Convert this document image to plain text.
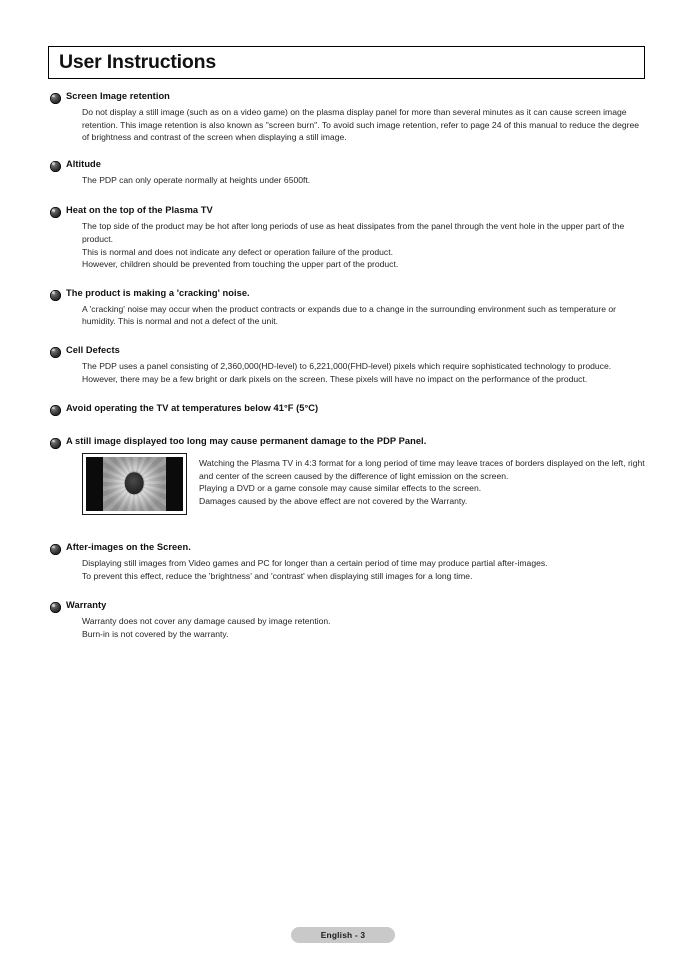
User Instructions
Screen Image retention

Do not display a still image (such as on a video game) on the plasma display panel for more than several minutes as it can cause screen image retention. This image retention is also known as "screen burn". To avoid such image retention, refer to page 24 of this manual to reduce the degree of brightness and contrast of the screen when displaying a still image.

Altitude

The PDP can only operate normally at heights under 6500ft.

Heat on the top of the Plasma TV

The top side of the product may be hot after long periods of use as heat dissipates from the panel through the vent hole in the upper part of the product.

This is normal and does not indicate any defect or operation failure of the product.

However, children should be prevented from touching the upper part of the product.

The product is making a 'cracking' noise.

A 'cracking' noise may occur when the product contracts or expands due to a change in the surrounding environment such as temperature or humidity. This is normal and not a defect of the unit.

Cell Defects

The PDP uses a panel consisting of 2,360,000(HD-level) to 6,221,000(FHD-level) pixels which require sophisticated technology to produce. However, there may be a few bright or dark pixels on the screen. These pixels will have no impact on the performance of the product.

Avoid operating the TV at temperatures below 41°F (5°C)
A still image displayed too long may cause permanent damage to the PDP Panel.

Watching the Plasma TV in 4:3 format for a long period of time may leave traces of borders displayed on the left, right and center of the screen caused by the difference of light emission on the screen.

Playing a DVD or a game console may cause similar effects to the screen.

Damages caused by the above effect are not covered by the Warranty.

After-images on the Screen.

Displaying still images from Video games and PC for longer than a certain period of time may produce partial after-images.

To prevent this effect, reduce the 'brightness' and 'contrast' when displaying still images for a long time.

Warranty

Warranty does not cover any damage caused by image retention.

Burn-in is not covered by the warranty.

English - 3
